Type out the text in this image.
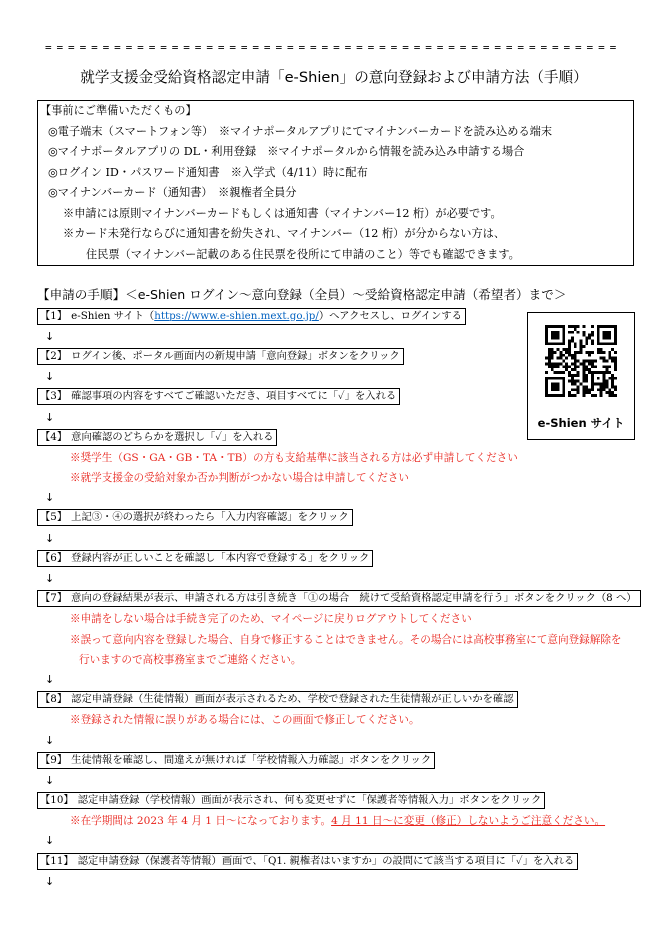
==================================================
就学支援金受給資格認定申請「e-Shien」の意向登録および申請方法（手順）
【事前にご準備いただくもの】
◎電子端末（スマートフォン等）　※マイナポータルアプリにてマイナンバーカードを読み込める端末
◎マイナポータルアプリの DL・利用登録　※マイナポータルから情報を読み込み申請する場合
◎ログイン ID・パスワード通知書　※入学式（4/11）時に配布
◎マイナンバーカード（通知書）　※親権者全員分
※申請には原則マイナンバーカードもしくは通知書（マイナンバー12 桁）が必要です。
※カード未発行ならびに通知書を紛失され、マイナンバー（12 桁）が分からない方は、
住民票（マイナンバー記載のある住民票を役所にて申請のこと）等でも確認できます。
【申請の手順】＜e-Shien ログイン～意向登録（全員）～受給資格認定申請（希望者）まで＞
【1】 e-Shien サイト（ https://www.e-shien.mext.go.jp/ ）へアクセスし、ログインする
↓
【2】 ログイン後、ポータル画面内の新規申請「意向登録」ボタンをクリック
↓
【3】 確認事項の内容をすべてご確認いただき、項目すべてに「✓」を入れる
↓
【4】 意向確認のどちらかを選択し「✓」を入れる
※奨学生（GS・GA・GB・TA・TB）の方も支給基準に該当される方は必ず申請してください
※就学支援金の受給対象か否か判断がつかない場合は申請してください
↓
【5】 上記③・④の選択が終わったら「入力内容確認」をクリック
↓
【6】 登録内容が正しいことを確認し「本内容で登録する」をクリック
↓
【7】 意向の登録結果が表示、申請される方は引き続き「①の場合　続けて受給資格認定申請を行う」ボタンをクリック（8 へ）
※申請をしない場合は手続き完了のため、マイページに戻りログアウトしてください
※誤って意向内容を登録した場合、自身で修正することはできません。その場合には高校事務室にて意向登録解除を
行いますので高校事務室までご連絡ください。
↓
【8】 認定申請登録（生徒情報）画面が表示されるため、学校で登録された生徒情報が正しいかを確認
※登録された情報に誤りがある場合には、この画面で修正してください。
↓
【9】 生徒情報を確認し、間違えが無ければ「学校情報入力確認」ボタンをクリック
↓
【10】 認定申請登録（学校情報）画面が表示され、何も変更せずに「保護者等情報入力」ボタンをクリック
※在学期間は 2023 年 4 月 1 日～になっております。 4 月 11 日～に変更（修正）しないようご注意ください。
↓
【11】 認定申請登録（保護者等情報）画面で、「Q1. 親権者はいますか」の設問にて該当する項目に「✓」を入れる
↓
e-Shien サイト
